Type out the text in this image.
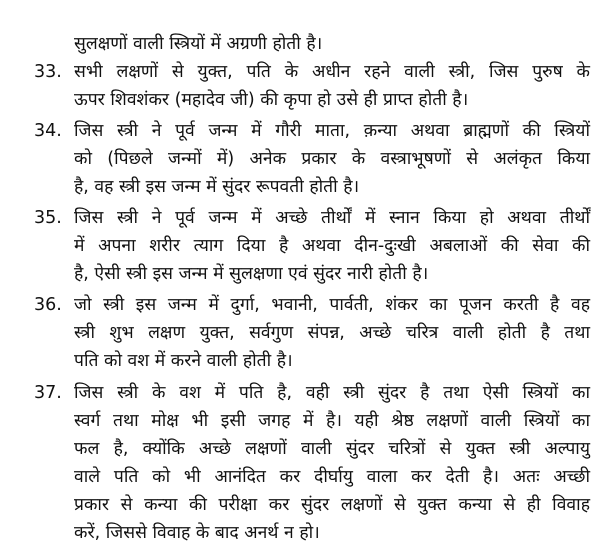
सुलक्षणों वाली स्त्रियों में अग्रणी होती है।
33. सभी लक्षणों से युक्त, पति के अधीन रहने वाली स्त्री, जिस पुरुष के
ऊपर शिवशंकर (महादेव जी) की कृपा हो उसे ही प्राप्त होती है।
34. जिस स्त्री ने पूर्व जन्म में गौरी माता, क़न्या अथवा ब्राह्मणों की स्त्रियों
को (पिछले जन्मों में) अनेक प्रकार के वस्त्राभूषणों से अलंकृत किया
है, वह स्त्री इस जन्म में सुंदर रूपवती होती है।
35. जिस स्त्री ने पूर्व जन्म में अच्छे तीर्थों में स्नान किया हो अथवा तीर्थों
में अपना शरीर त्याग दिया है अथवा दीन-दुःखी अबलाओं की सेवा की
है, ऐसी स्त्री इस जन्म में सुलक्षणा एवं सुंदर नारी होती है।
36. जो स्त्री इस जन्म में दुर्गा, भवानी, पार्वती, शंकर का पूजन करती है वह
स्त्री शुभ लक्षण युक्त, सर्वगुण संपन्न, अच्छे चरित्र वाली होती है तथा
पति को वश में करने वाली होती है।
37. जिस स्त्री के वश में पति है, वही स्त्री सुंदर है तथा ऐसी स्त्रियों का
स्वर्ग तथा मोक्ष भी इसी जगह में है। यही श्रेष्ठ लक्षणों वाली स्त्रियों का
फल है, क्योंकि अच्छे लक्षणों वाली सुंदर चरित्रों से युक्त स्त्री अल्पायु
वाले पति को भी आनंदित कर दीर्घायु वाला कर देती है। अतः अच्छी
प्रकार से कन्या की परीक्षा कर सुंदर लक्षणों से युक्त कन्या से ही विवाह
करें, जिससे विवाह के बाद अनर्थ न हो।
